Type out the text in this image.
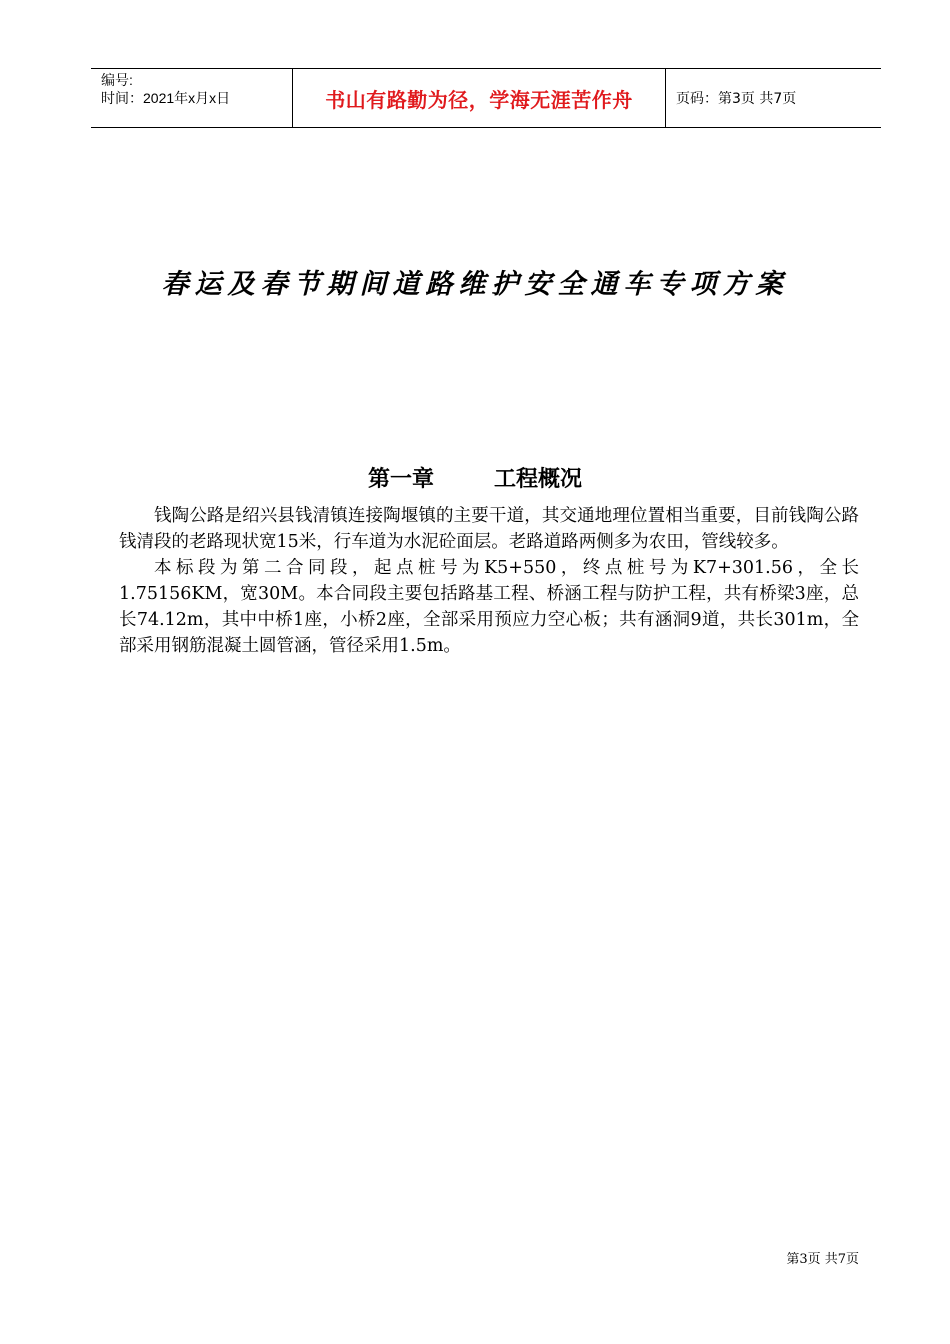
编号:
时间：2021年x月x日	书山有路勤为径，学海无涯苦作舟	页码：第3页 共7页
春运及春节期间道路维护安全通车专项方案
第一章	工程概况

钱陶公路是绍兴县钱清镇连接陶堰镇的主要干道，其交通地理位置相当重要，目前钱陶公路钱清段的老路现状宽15米，行车道为水泥砼面层。老路道路两侧多为农田，管线较多。

本标段为第二合同段，起点桩号为K5+550，终点桩号为K7+301.56，全长1.75156KM，宽30M。本合同段主要包括路基工程、桥涵工程与防护工程，共有桥梁3座，总长74.12m，其中中桥1座，小桥2座，全部采用预应力空心板；共有涵洞9道，共长301m，全部采用钢筋混凝土圆管涵，管径采用1.5m。

第3页 共7页
